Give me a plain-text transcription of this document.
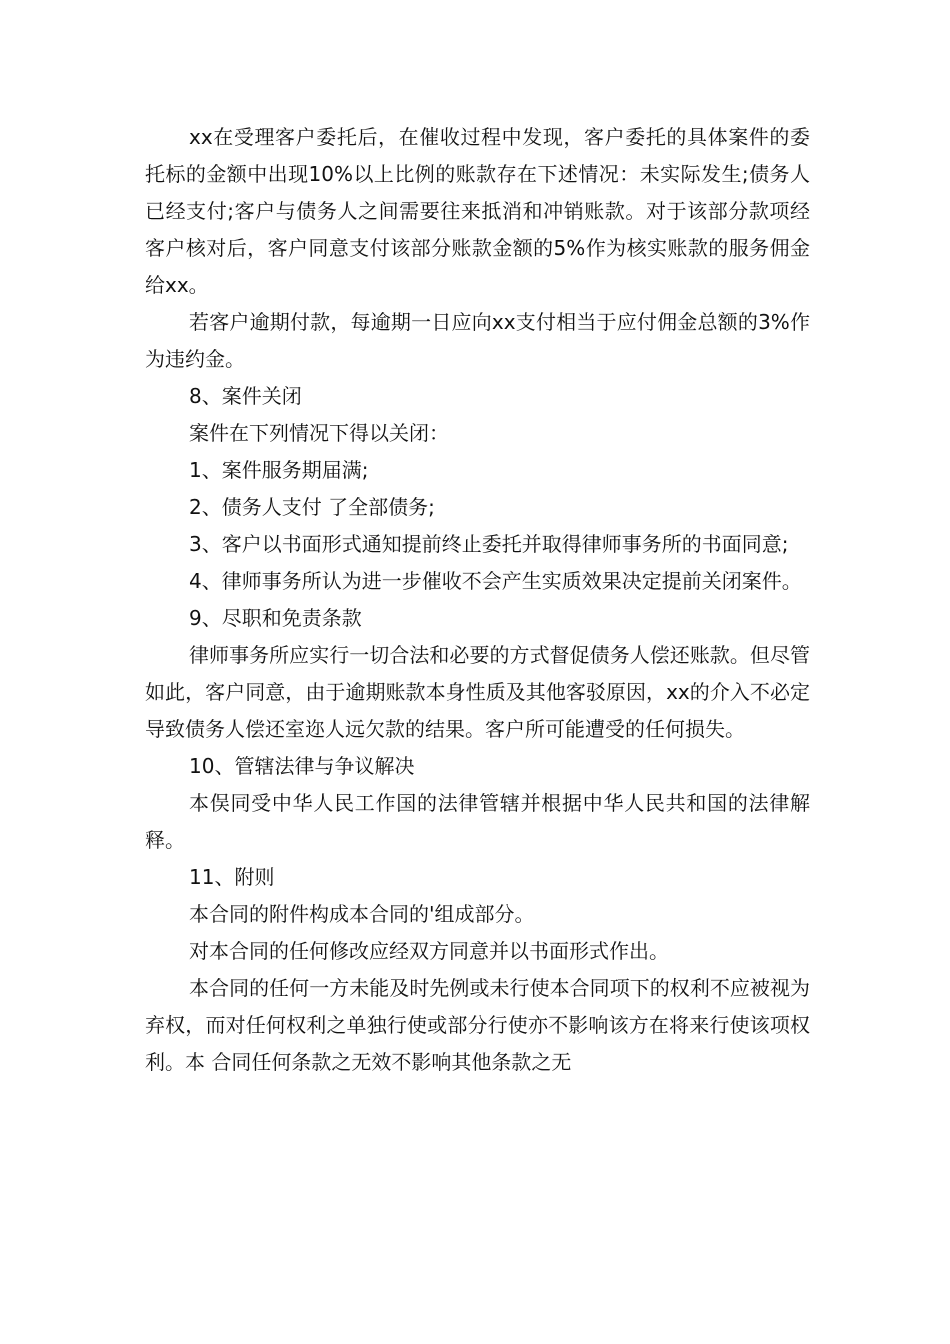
xx在受理客户委托后，在催收过程中发现，客户委托的具体案件的委托标的金额中出现10%以上比例的账款存在下述情况：未实际发生;债务人已经支付;客户与债务人之间需要往来抵消和冲销账款。对于该部分款项经客户核对后，客户同意支付该部分账款金额的5%作为核实账款的服务佣金给xx。

若客户逾期付款，每逾期一日应向xx支付相当于应付佣金总额的3%作为违约金。

8、案件关闭

案件在下列情况下得以关闭：

1、案件服务期届满;

2、债务人支付 了全部债务;

3、客户以书面形式通知提前终止委托并取得律师事务所的书面同意;

4、律师事务所认为进一步催收不会产生实质效果决定提前关闭案件。

9、尽职和免责条款

律师事务所应实行一切合法和必要的方式督促债务人偿还账款。但尽管如此，客户同意，由于逾期账款本身性质及其他客驳原因，xx的介入不必定导致债务人偿还室迩人远欠款的结果。客户所可能遭受的任何损失。

10、管辖法律与争议解决

本俣同受中华人民工作国的法律管辖并根据中华人民共和国的法律解释。

11、附则

本合同的附件构成本合同的'组成部分。

对本合同的任何修改应经双方同意并以书面形式作出。

本合同的任何一方未能及时先例或未行使本合同项下的权利不应被视为弃权，而对任何权利之单独行使或部分行使亦不影响该方在将来行使该项权利。本 合同任何条款之无效不影响其他条款之无
